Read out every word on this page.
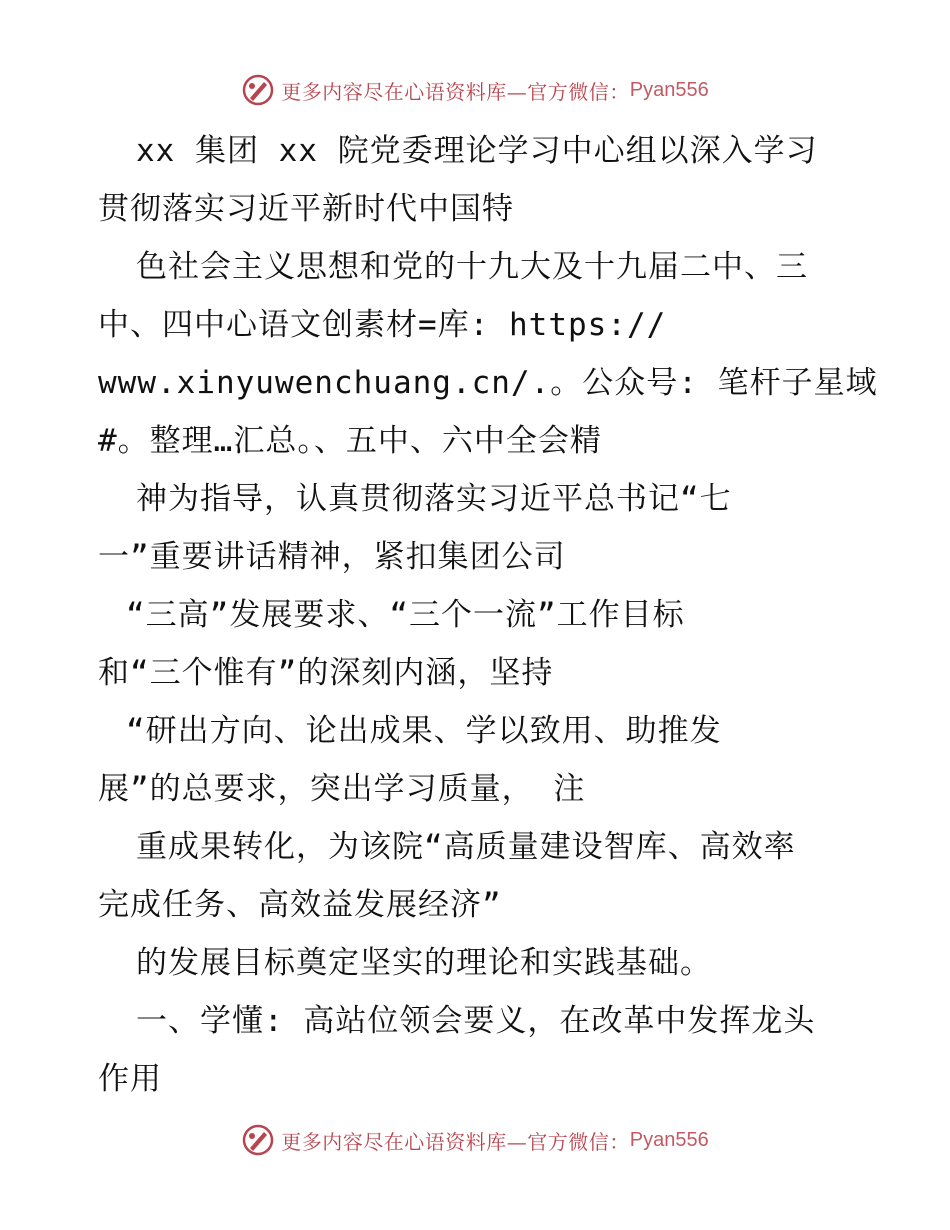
更多内容尽在心语资料库—官方微信： Pyan556
xx 集团 xx 院党委理论学习中心组以深入学习
贯彻落实习近平新时代中国特
色社会主义思想和党的十九大及十九届二中、三
中、四中心语文创素材=库: https://
www.xinyuwenchuang.cn/.。公众号: 笔杆子星域
#。整理…汇总。、五中、六中全会精
神为指导，认真贯彻落实习近平总书记“七
一”重要讲话精神，紧扣集团公司
“三高”发展要求、“三个一流”工作目标
和“三个惟有”的深刻内涵，坚持
“研出方向、论出成果、学以致用、助推发
展”的总要求，突出学习质量， 注
重成果转化，为该院“高质量建设智库、高效率
完成任务、高效益发展经济”
的发展目标奠定坚实的理论和实践基础。
一、学懂: 高站位领会要义，在改革中发挥龙头
作用
更多内容尽在心语资料库—官方微信： Pyan556
